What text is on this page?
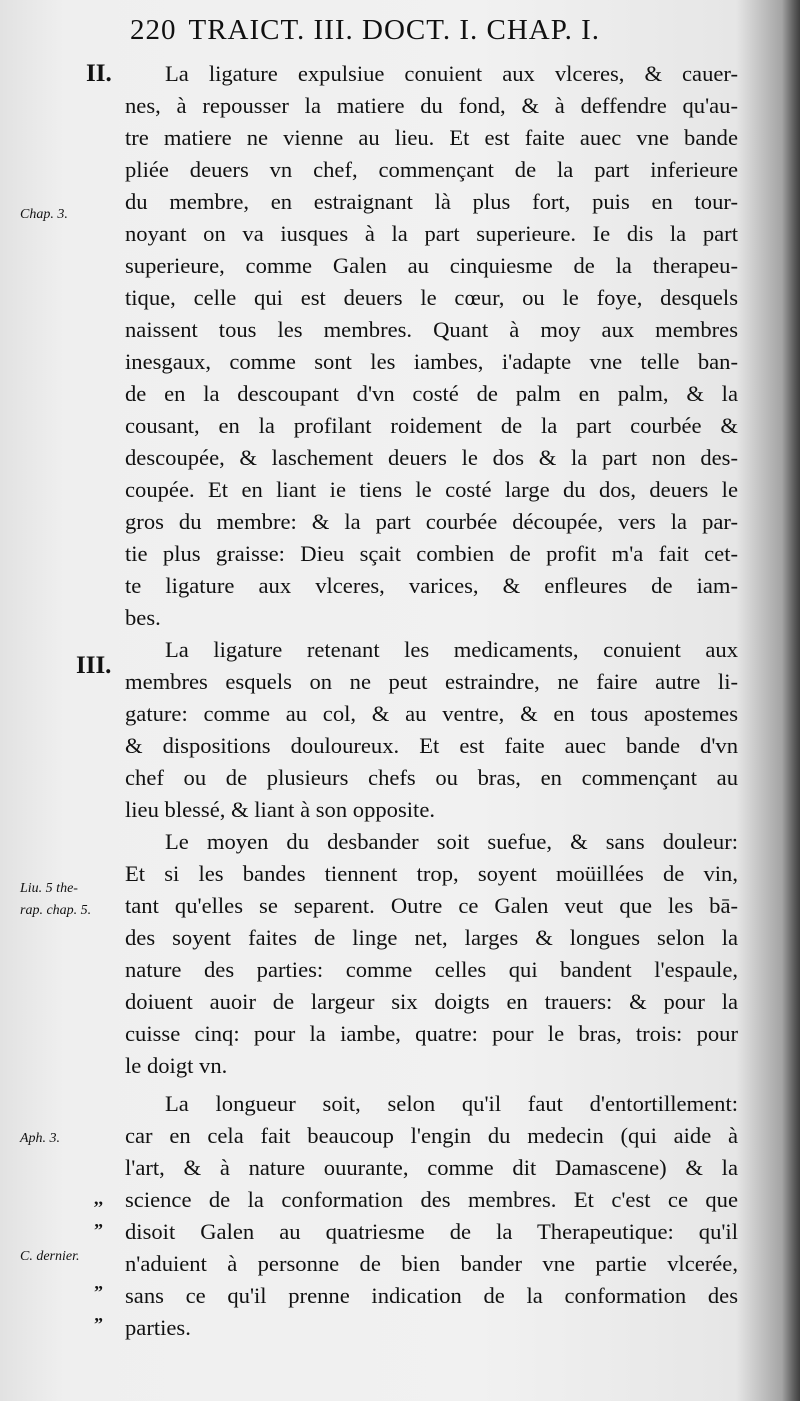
220 TRAICT. III. DOCT. I. CHAP. I.
II.
III.
Chap. 3.
Liu. 5 the-
rap. chap. 5.
Aph. 3.
C. dernier.
,,
”
”
”
La ligature expulsiue conuient aux vlceres, & cauer-
nes, à repousser la matiere du fond, & à deffendre qu'au-
tre matiere ne vienne au lieu. Et est faite auec vne bande
pliée deuers vn chef, commençant de la part inferieure
du membre, en estraignant là plus fort, puis en tour-
noyant on va iusques à la part superieure. Ie dis la part
superieure, comme Galen au cinquiesme de la therapeu-
tique, celle qui est deuers le cœur, ou le foye, desquels
naissent tous les membres. Quant à moy aux membres
inesgaux, comme sont les iambes, i'adapte vne telle ban-
de en la descoupant d'vn costé de palm en palm, & la
cousant, en la profilant roidement de la part courbée &
descoupée, & laschement deuers le dos & la part non des-
coupée. Et en liant ie tiens le costé large du dos, deuers le
gros du membre: & la part courbée découpée, vers la par-
tie plus graisse: Dieu sçait combien de profit m'a fait cet-
te ligature aux vlceres, varices, & enfleures de iam-
bes.
La ligature retenant les medicaments, conuient aux
membres esquels on ne peut estraindre, ne faire autre li-
gature: comme au col, & au ventre, & en tous apostemes
& dispositions douloureux. Et est faite auec bande d'vn
chef ou de plusieurs chefs ou bras, en commençant au
lieu blessé, & liant à son opposite.
Le moyen du desbander soit suefue, & sans douleur:
Et si les bandes tiennent trop, soyent moüillées de vin,
tant qu'elles se separent. Outre ce Galen veut que les bā-
des soyent faites de linge net, larges & longues selon la
nature des parties: comme celles qui bandent l'espaule,
doiuent auoir de largeur six doigts en trauers: & pour la
cuisse cinq: pour la iambe, quatre: pour le bras, trois: pour
le doigt vn.
La longueur soit, selon qu'il faut d'entortillement:
car en cela fait beaucoup l'engin du medecin (qui aide à
l'art, & à nature ouurante, comme dit Damascene) & la
science de la conformation des membres. Et c'est ce que
disoit Galen au quatriesme de la Therapeutique: qu'il
n'aduient à personne de bien bander vne partie vlcerée,
sans ce qu'il prenne indication de la conformation des
parties.
